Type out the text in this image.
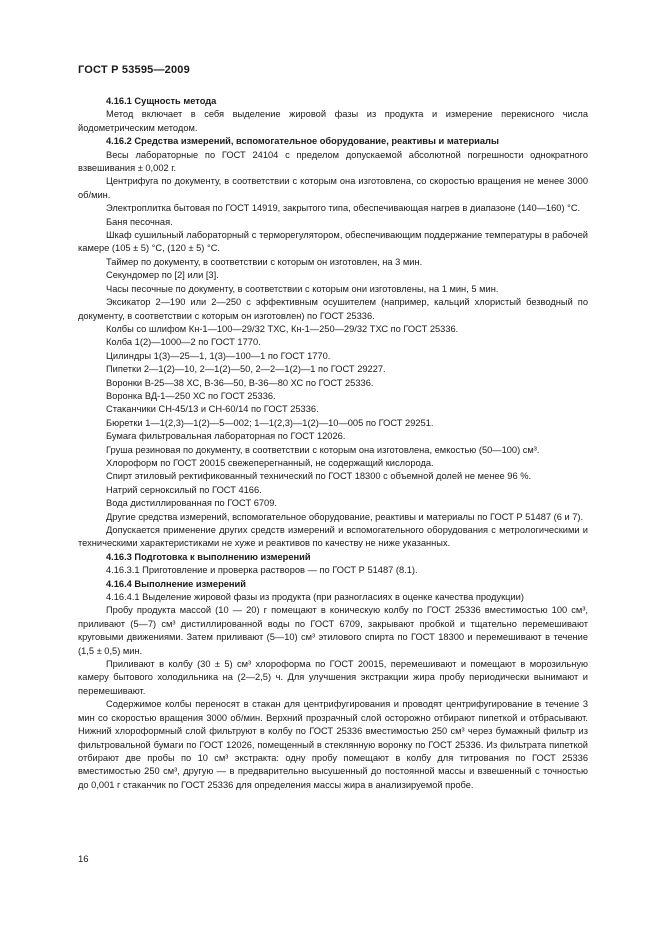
ГОСТ Р 53595—2009

4.16.1 Сущность метода

Метод включает в себя выделение жировой фазы из продукта и измерение перекисного числа йодометрическим методом.

4.16.2 Средства измерений, вспомогательное оборудование, реактивы и материалы

Весы лабораторные по ГОСТ 24104 с пределом допускаемой абсолютной погрешности однократного взвешивания ± 0,002 г.

Центрифуга по документу, в соответствии с которым она изготовлена, со скоростью вращения не менее 3000 об/мин.

Электроплитка бытовая по ГОСТ 14919, закрытого типа, обеспечивающая нагрев в диапазоне (140—160) °С.

Баня песочная.

Шкаф сушильный лабораторный с терморегулятором, обеспечивающим поддержание температуры в рабочей камере (105 ± 5) °С, (120 ± 5) °С.

Таймер по документу, в соответствии с которым он изготовлен, на 3 мин.

Секундомер по [2] или [3].

Часы песочные по документу, в соответствии с которым они изготовлены, на 1 мин, 5 мин.

Эксикатор 2—190 или 2—250 с эффективным осушителем (например, кальций хлористый безводный по документу, в соответствии с которым он изготовлен) по ГОСТ 25336.

Колбы со шлифом Кн-1—100—29/32 ТХС, Кн-1—250—29/32 ТХС по ГОСТ 25336.

Колба 1(2)—1000—2 по ГОСТ 1770.

Цилиндры 1(3)—25—1, 1(3)—100—1 по ГОСТ 1770.

Пипетки 2—1(2)—10, 2—1(2)—50, 2—2—1(2)—1 по ГОСТ 29227.

Воронки В-25—38 ХС, В-36—50, В-36—80 ХС по ГОСТ 25336.

Воронка ВД-1—250 ХС по ГОСТ 25336.

Стаканчики СН-45/13 и СН-60/14 по ГОСТ 25336.

Бюретки 1—1(2,3)—1(2)—5—002; 1—1(2,3)—1(2)—10—005 по ГОСТ 29251.

Бумага фильтровальная лабораторная по ГОСТ 12026.

Груша резиновая по документу, в соответствии с которым она изготовлена, емкостью (50—100) см³.

Хлороформ по ГОСТ 20015 свежеперегнанный, не содержащий кислорода.

Спирт этиловый ректификованный технический по ГОСТ 18300 с объемной долей не менее 96 %.

Натрий серноксилый по ГОСТ 4166.

Вода дистиллированная по ГОСТ 6709.

Другие средства измерений, вспомогательное оборудование, реактивы и материалы по ГОСТ Р 51487 (6 и 7).

Допускается применение других средств измерений и вспомогательного оборудования с метрологическими и техническими характеристиками не хуже и реактивов по качеству не ниже указанных.

4.16.3 Подготовка к выполнению измерений

4.16.3.1 Приготовление и проверка растворов — по ГОСТ Р 51487 (8.1).

4.16.4 Выполнение измерений

4.16.4.1 Выделение жировой фазы из продукта (при разногласиях в оценке качества продукции)

Пробу продукта массой (10 — 20) г помещают в коническую колбу по ГОСТ 25336 вместимостью 100 см³, приливают (5—7) см³ дистиллированной воды по ГОСТ 6709, закрывают пробкой и тщательно перемешивают круговыми движениями. Затем приливают (5—10) см³ этилового спирта по ГОСТ 18300 и перемешивают в течение (1,5 ± 0,5) мин.

Приливают в колбу (30 ± 5) см³ хлороформа по ГОСТ 20015, перемешивают и помещают в морозильную камеру бытового холодильника на (2—2,5) ч. Для улучшения экстракции жира пробу периодически вынимают и перемешивают.

Содержимое колбы переносят в стакан для центрифугирования и проводят центрифугирование в течение 3 мин со скоростью вращения 3000 об/мин. Верхний прозрачный слой осторожно отбирают пипеткой и отбрасывают. Нижний хлороформный слой фильтруют в колбу по ГОСТ 25336 вместимостью 250 см³ через бумажный фильтр из фильтровальной бумаги по ГОСТ 12026, помещенный в стеклянную воронку по ГОСТ 25336. Из фильтрата пипеткой отбирают две пробы по 10 см³ экстракта: одну пробу помещают в колбу для титрования по ГОСТ 25336 вместимостью 250 см³, другую — в предварительно высушенный до постоянной массы и взвешенный с точностью до 0,001 г стаканчик по ГОСТ 25336 для определения массы жира в анализируемой пробе.

16
